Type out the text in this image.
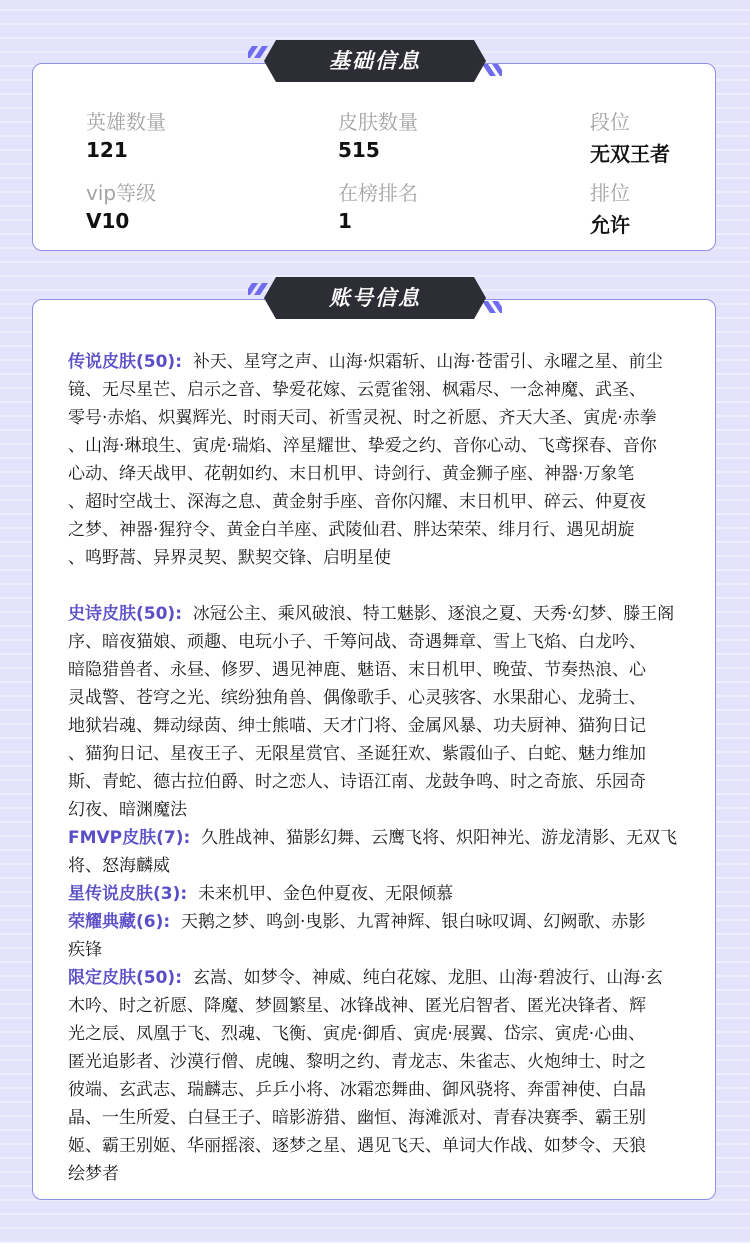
基础信息
英雄数量
121
皮肤数量
515
段位
无双王者
vip等级
V10
在榜排名
1
排位
允许
账号信息
传说皮肤(50): 补天、星穹之声、山海·炽霜斩、山海·苍雷引、永曜之星、前尘
镜、无尽星芒、启示之音、挚爱花嫁、云霓雀翎、枫霜尽、一念神魔、武圣、
零号·赤焰、炽翼辉光、时雨天司、祈雪灵祝、时之祈愿、齐天大圣、寅虎·赤拳
、山海·琳琅生、寅虎·瑞焰、淬星耀世、挚爱之约、音你心动、飞鸢探春、音你
心动、绛天战甲、花朝如约、末日机甲、诗剑行、黄金狮子座、神器·万象笔
、超时空战士、深海之息、黄金射手座、音你闪耀、末日机甲、碎云、仲夏夜
之梦、神器·猩狩令、黄金白羊座、武陵仙君、胖达荣荣、绯月行、遇见胡旋
、鸣野蒿、异界灵契、默契交锋、启明星使
史诗皮肤(50): 冰冠公主、乘风破浪、特工魅影、逐浪之夏、天秀·幻梦、滕王阁
序、暗夜猫娘、顽趣、电玩小子、千筹问战、奇遇舞章、雪上飞焰、白龙吟、
暗隐猎兽者、永昼、修罗、遇见神鹿、魅语、末日机甲、晚萤、节奏热浪、心
灵战警、苍穹之光、缤纷独角兽、偶像歌手、心灵骇客、水果甜心、龙骑士、
地狱岩魂、舞动绿茵、绅士熊喵、天才门将、金属风暴、功夫厨神、猫狗日记
、猫狗日记、星夜王子、无限星赏官、圣诞狂欢、紫霞仙子、白蛇、魅力维加
斯、青蛇、德古拉伯爵、时之恋人、诗语江南、龙鼓争鸣、时之奇旅、乐园奇
幻夜、暗渊魔法
FMVP皮肤(7): 久胜战神、猫影幻舞、云鹰飞将、炽阳神光、游龙清影、无双飞
将、怒海麟威
星传说皮肤(3): 未来机甲、金色仲夏夜、无限倾慕
荣耀典藏(6): 天鹅之梦、鸣剑·曳影、九霄神辉、银白咏叹调、幻阙歌、赤影
疾锋
限定皮肤(50): 玄嵩、如梦令、神威、纯白花嫁、龙胆、山海·碧波行、山海·玄
木吟、时之祈愿、降魔、梦圆繁星、冰锋战神、匿光启智者、匿光决锋者、辉
光之辰、凤凰于飞、烈魂、飞衡、寅虎·御盾、寅虎·展翼、岱宗、寅虎·心曲、
匿光追影者、沙漠行僧、虎魄、黎明之约、青龙志、朱雀志、火炮绅士、时之
彼端、玄武志、瑞麟志、乒乒小将、冰霜恋舞曲、御风骁将、奔雷神使、白晶
晶、一生所爱、白昼王子、暗影游猎、幽恒、海滩派对、青春决赛季、霸王别
姬、霸王别姬、华丽摇滚、逐梦之星、遇见飞天、单词大作战、如梦令、天狼
绘梦者
